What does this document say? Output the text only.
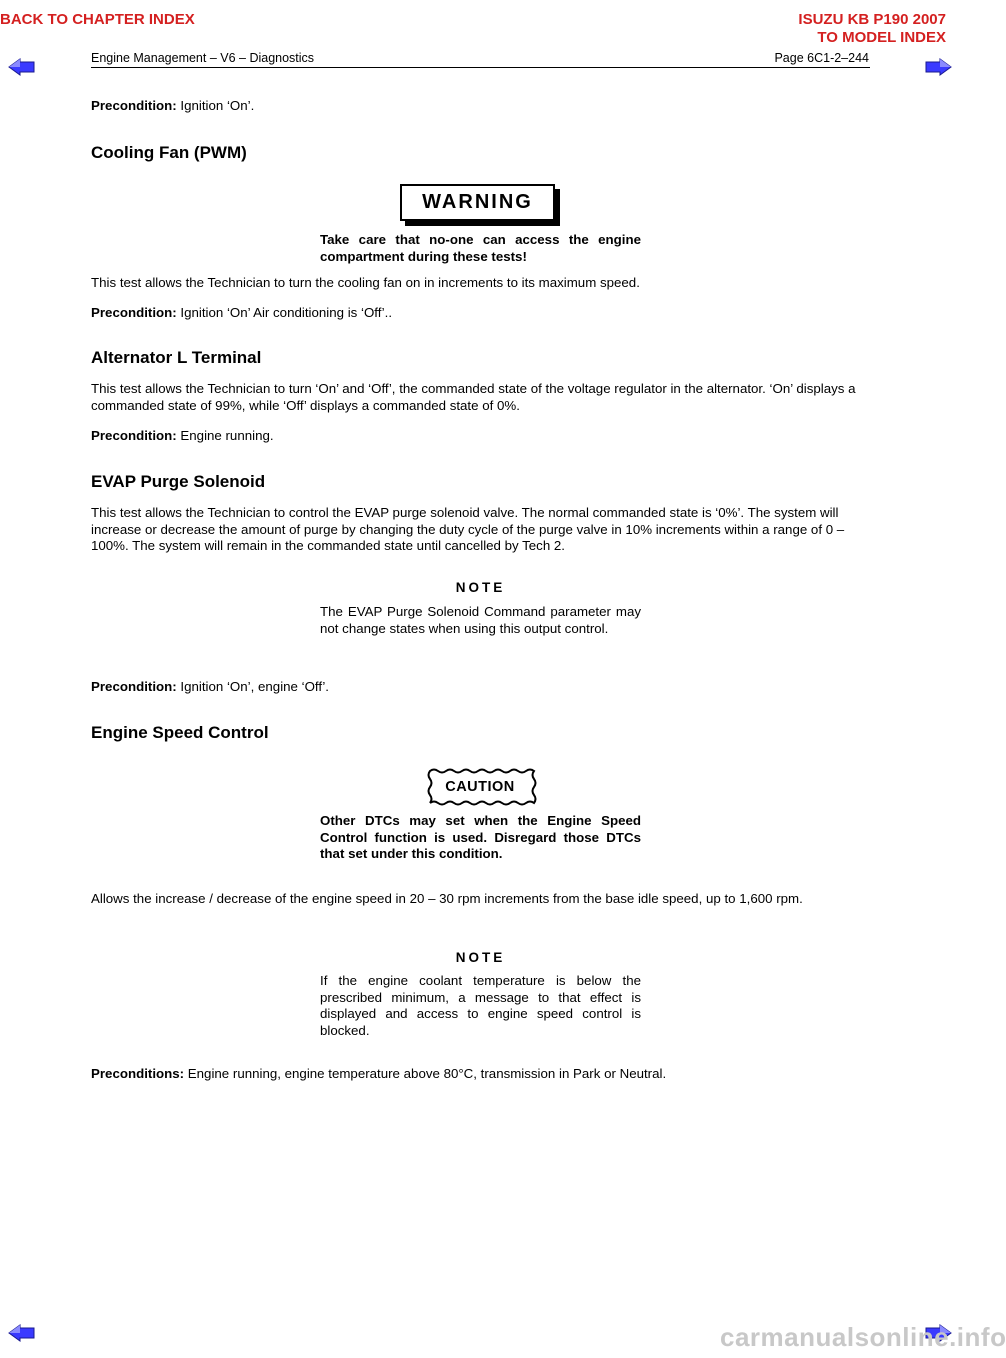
BACK TO CHAPTER INDEX	ISUZU KB P190 2007
TO MODEL INDEX
Engine Management – V6 – Diagnostics	Page 6C1-2–244
Precondition: Ignition ‘On’.
Cooling Fan (PWM)
WARNING
Take care that no-one can access the engine compartment during these tests!
This test allows the Technician to turn the cooling fan on in increments to its maximum speed.
Precondition: Ignition ‘On’ Air conditioning is ‘Off’..
Alternator L Terminal
This test allows the Technician to turn ‘On’ and ‘Off’, the commanded state of the voltage regulator in the alternator. ‘On’ displays a commanded state of 99%, while ‘Off’ displays a commanded state of 0%.
Precondition: Engine running.
EVAP Purge Solenoid
This test allows the Technician to control the EVAP purge solenoid valve. The normal commanded state is ‘0%’. The system will increase or decrease the amount of purge by changing the duty cycle of the purge valve in 10% increments within a range of 0 – 100%. The system will remain in the commanded state until cancelled by Tech 2.
NOTE
The EVAP Purge Solenoid Command parameter may not change states when using this output control.
Precondition: Ignition ‘On’, engine ‘Off’.
Engine Speed Control
CAUTION
Other DTCs may set when the Engine Speed Control function is used. Disregard those DTCs that set under this condition.
Allows the increase / decrease of the engine speed in 20 – 30 rpm increments from the base idle speed, up to 1,600 rpm.
NOTE
If the engine coolant temperature is below the prescribed minimum, a message to that effect is displayed and access to engine speed control is blocked.
Preconditions: Engine running, engine temperature above 80°C, transmission in Park or Neutral.
carmanualsonline.info
